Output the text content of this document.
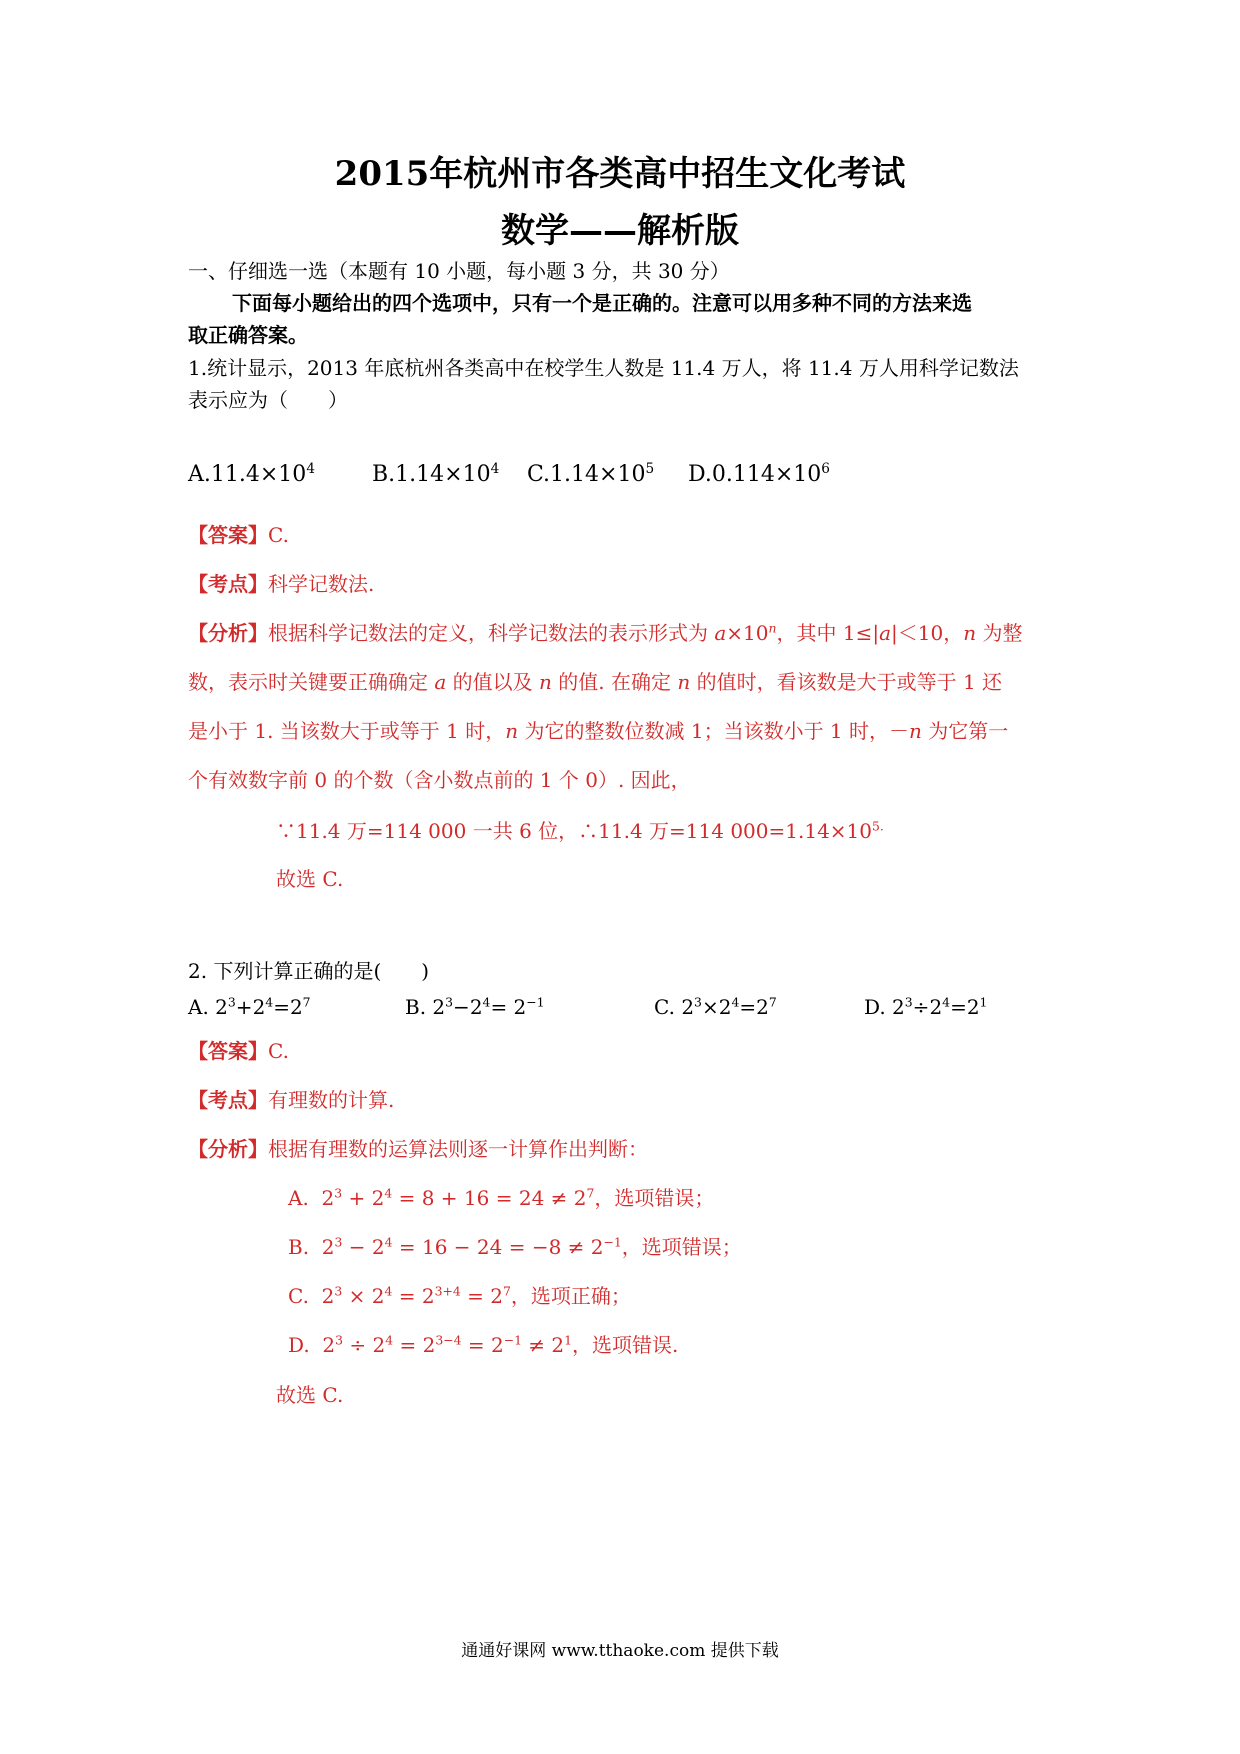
2015年杭州市各类高中招生文化考试
数学——解析版
一、仔细选一选（本题有 10 小题，每小题 3 分，共 30 分）
下面每小题给出的四个选项中，只有一个是正确的。注意可以用多种不同的方法来选
取正确答案。
1.统计显示，2013 年底杭州各类高中在校学生人数是 11.4 万人，将 11.4 万人用科学记数法
表示应为（　　）
$A.11.4\times 10^4$	$B.1.14\times 10^4$ $C.1.14\times 10^5$ $D.0.114\times 10^6$
【答案】C.
【考点】科学记数法.
【分析】根据科学记数法的定义，科学记数法的表示形式为 $a\times 10^n$，其中 1≤|a|＜10，n 为整
数，表示时关键要正确确定 a 的值以及 n 的值. 在确定 n 的值时，看该数是大于或等于 1 还
是小于 1. 当该数大于或等于 1 时，n 为它的整数位数减 1；当该数小于 1 时，－n 为它第一
个有效数字前 0 的个数（含小数点前的 1 个 0）. 因此，
∵11.4 万=114 000 一共 6 位，∴11.4 万=114 $000=1.14\times 10^{5.}$
故选 C.
2. 下列计算正确的是(　　)
A. $2^3+2^4=2^7$	B. $2^3-2^4= 2^{-1}$	C. $2^3\times 2^4=2^7$	D. $2^3\div 2^4=2^1$
【答案】C.
【考点】有理数的计算.
【分析】根据有理数的运算法则逐一计算作出判断：
A. $2^3 + 2^4 = 8 + 16 = 24 \ne 2^7$，选项错误；
B. $2^3 - 2^4 = 16 - 24 = -8 \ne 2^{-1}$，选项错误；
C. $2^3 \times 2^4 = 2^{3+4} = 2^7$，选项正确；
D. $2^3 \div 2^4 = 2^{3-4} = 2^{-1} \ne 2^1$，选项错误.
故选 C.
通通好课网 www.tthaoke.com 提供下载
